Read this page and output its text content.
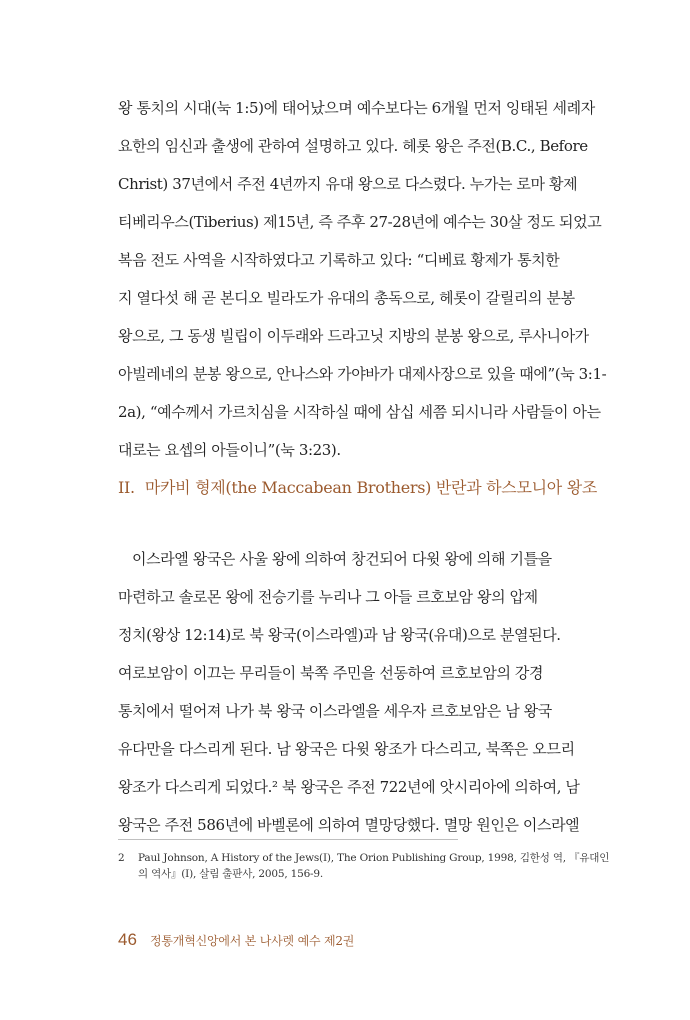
왕 통치의 시대(눅 1:5)에 태어났으며 예수보다는 6개월 먼저 잉태된 세례자
요한의 임신과 출생에 관하여 설명하고 있다. 헤롯 왕은 주전(B.C., Before
Christ) 37년에서 주전 4년까지 유대 왕으로 다스렸다. 누가는 로마 황제
티베리우스(Tiberius) 제15년, 즉 주후 27-28년에 예수는 30살 정도 되었고
복음 전도 사역을 시작하였다고 기록하고 있다: “디베료 황제가 통치한
지 열다섯 해 곧 본디오 빌라도가 유대의 총독으로, 헤롯이 갈릴리의 분봉
왕으로, 그 동생 빌립이 이두래와 드라고닛 지방의 분봉 왕으로, 루사니아가
아빌레네의 분봉 왕으로, 안나스와 가야바가 대제사장으로 있을 때에”(눅 3:1-
2a), “예수께서 가르치심을 시작하실 때에 삼십 세쯤 되시니라 사람들이 아는
대로는 요셉의 아들이니”(눅 3:23).
II. 마카비 형제(the Maccabean Brothers) 반란과 하스모니아 왕조
이스라엘 왕국은 사울 왕에 의하여 창건되어 다윗 왕에 의해 기틀을
마련하고 솔로몬 왕에 전승기를 누리나 그 아들 르호보암 왕의 압제
정치(왕상 12:14)로 북 왕국(이스라엘)과 남 왕국(유대)으로 분열된다.
여로보암이 이끄는 무리들이 북쪽 주민을 선동하여 르호보암의 강경
통치에서 떨어져 나가 북 왕국 이스라엘을 세우자 르호보암은 남 왕국
유다만을 다스리게 된다. 남 왕국은 다윗 왕조가 다스리고, 북쪽은 오므리
왕조가 다스리게 되었다.² 북 왕국은 주전 722년에 앗시리아에 의하여, 남
왕국은 주전 586년에 바벨론에 의하여 멸망당했다. 멸망 원인은 이스라엘
2	Paul Johnson, A History of the Jews(I), The Orion Publishing Group, 1998, 김한성 역, 『유대인
의 역사』(I), 살림 출판사, 2005, 156-9.
46 정통개혁신앙에서 본 나사렛 예수 제2권
